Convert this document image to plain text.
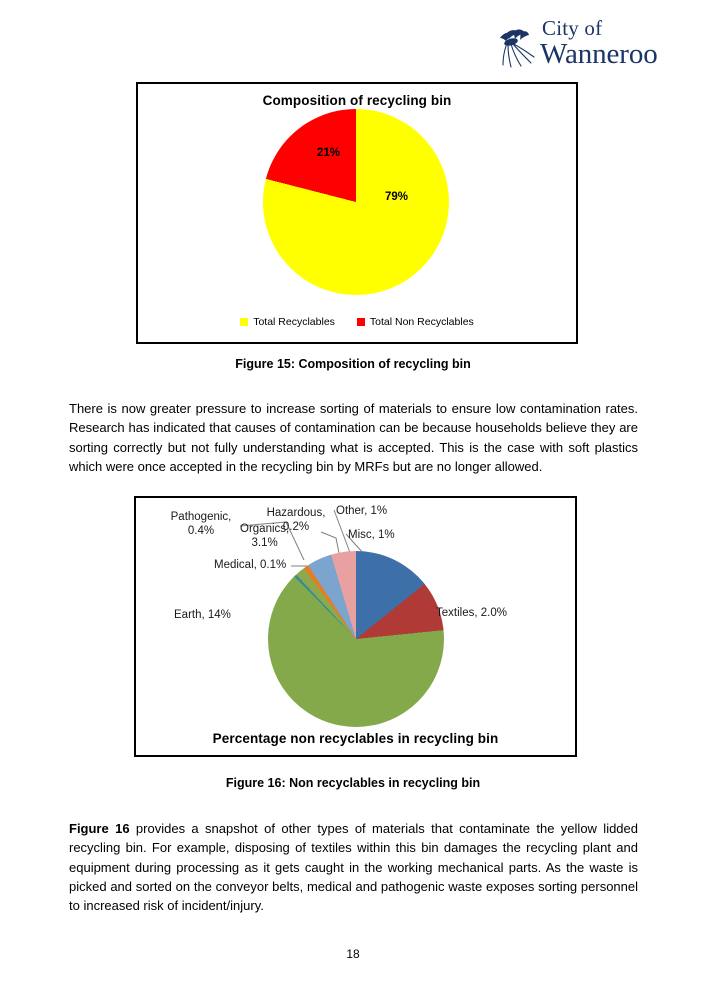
City of
Wanneroo
Composition of recycling bin
79%
21%
Total Recyclables	Total Non Recyclables
Figure 15: Composition of recycling bin

There is now greater pressure to increase sorting of materials to ensure low contamination rates. Research has indicated that causes of contamination can be because households believe they are sorting correctly but not fully understanding what is accepted. This is the case with soft plastics which were once accepted in the recycling bin by MRFs but are no longer allowed.

Organics,
3.1%
Earth, 14%	Textiles, 2.0%
Pathogenic,
0.4%
Medical, 0.1%
Hazardous,
0.2%
Other, 1%
Misc, 1%
Percentage non recyclables in recycling bin
Figure 16: Non recyclables in recycling bin

Figure 16 provides a snapshot of other types of materials that contaminate the yellow lidded recycling bin. For example, disposing of textiles within this bin damages the recycling plant and equipment during processing as it gets caught in the working mechanical parts. As the waste is picked and sorted on the conveyor belts, medical and pathogenic waste exposes sorting personnel to increased risk of incident/injury.

18
